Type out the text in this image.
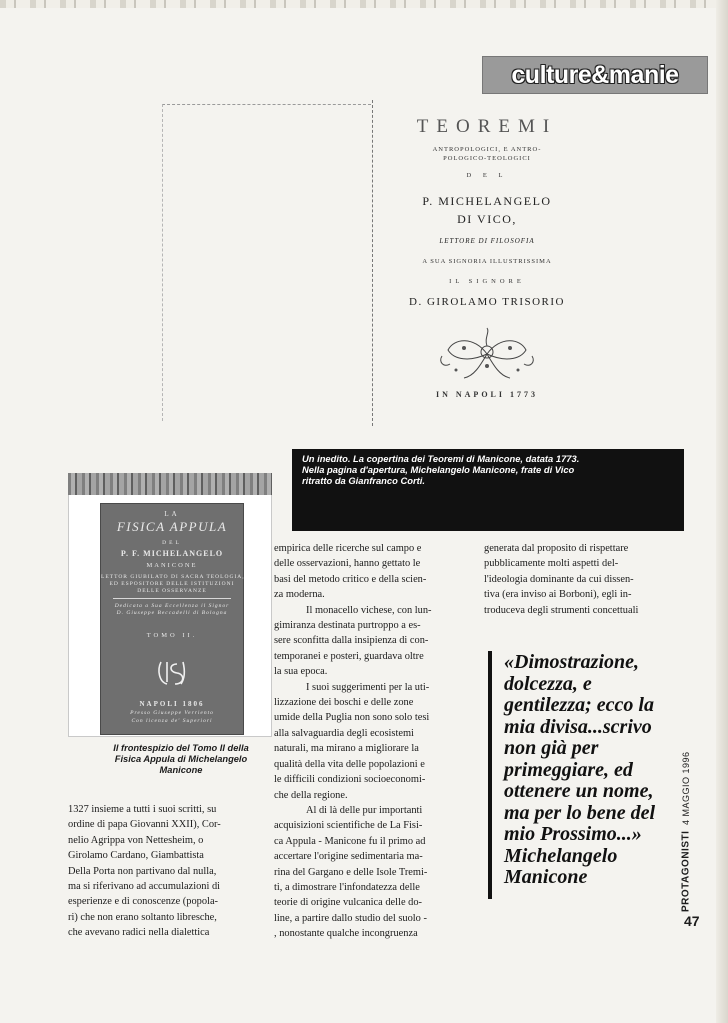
culture&manie
TEOREMI
ANTROPOLOGICI, E ANTRO-
POLOGICO-TEOLOGICI
D E L
P. MICHELANGELO
DI VICO,
LETTORE DI FILOSOFIA
A SUA SIGNORIA ILLUSTRISSIMA
IL SIGNORE
D. GIROLAMO TRISORIO
IN NAPOLI 1773
Un inedito. La copertina dei Teoremi di Manicone, datata 1773.
Nella pagina d'apertura, Michelangelo Manicone, frate di Vico
ritratto da Gianfranco Corti.
LA
FISICA APPULA
DEL
P. F. MICHELANGELO
MANICONE
LETTOR GIUBILATO DI SACRA TEOLOGIA,
ED ESPOSITORE DELLE ISTITUZIONI
DELLE OSSERVANZE
Dedicata a Sua Eccellenza il Signor
D. Giuseppe Beccadelli di Bologna
TOMO II.
NAPOLI 1806
Presso Giuseppe Verriento
Con licenza de' Superiori
Il frontespizio del Tomo II della
Fisica Appula di Michelangelo
Manicone
1327 insieme a tutti i suoi scritti, su
ordine di papa Giovanni XXII), Cor-
nelio Agrippa von Nettesheim, o
Girolamo Cardano, Giambattista
Della Porta non partivano dal nulla,
ma si riferivano ad accumulazioni di
esperienze e di conoscenze (popola-
ri) che non erano soltanto libresche,
che avevano radici nella dialettica
empirica delle ricerche sul campo e
delle osservazioni, hanno gettato le
basi del metodo critico e della scien-
za moderna.
Il monacello vichese, con lun-
gimiranza destinata purtroppo a es-
sere sconfitta dalla insipienza di con-
temporanei e posteri, guardava oltre
la sua epoca.
I suoi suggerimenti per la uti-
lizzazione dei boschi e delle zone
umide della Puglia non sono solo tesi
alla salvaguardia degli ecosistemi
naturali, ma mirano a migliorare la
qualità della vita delle popolazioni e
le difficili condizioni socioeconomi-
che della regione.
Al di là delle pur importanti
acquisizioni scientifiche de La Fisi-
ca Appula - Manicone fu il primo ad
accertare l'origine sedimentaria ma-
rina del Gargano e delle Isole Tremi-
ti, a dimostrare l'infondatezza delle
teorie di origine vulcanica delle do-
line, a partire dallo studio del suolo -
, nonostante qualche incongruenza
generata dal proposito di rispettare
pubblicamente molti aspetti del-
l'ideologia dominante da cui dissen-
tiva (era inviso ai Borboni), egli in-
troduceva degli strumenti concettuali
«Dimostrazione,
dolcezza, e
gentilezza; ecco la
mia divisa...scrivo
non già per
primeggiare, ed
ottenere un nome,
ma per lo bene del
mio Prossimo...»
Michelangelo
Manicone	PROTAGONISTI
4 MAGGIO 1996
47
